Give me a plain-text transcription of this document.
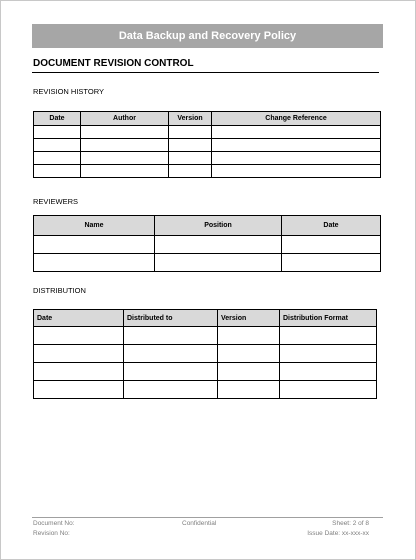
Data Backup and Recovery Policy
DOCUMENT REVISION CONTROL
REVISION HISTORY
Date	Author	Version	Change Reference

REVIEWERS
Name	Position	Date

DISTRIBUTION
Date	Distributed to	Version	Distribution Format

Document No:
Revision No:
Confidential	Sheet: 2 of 8
Issue Date: xx-xxx-xx
